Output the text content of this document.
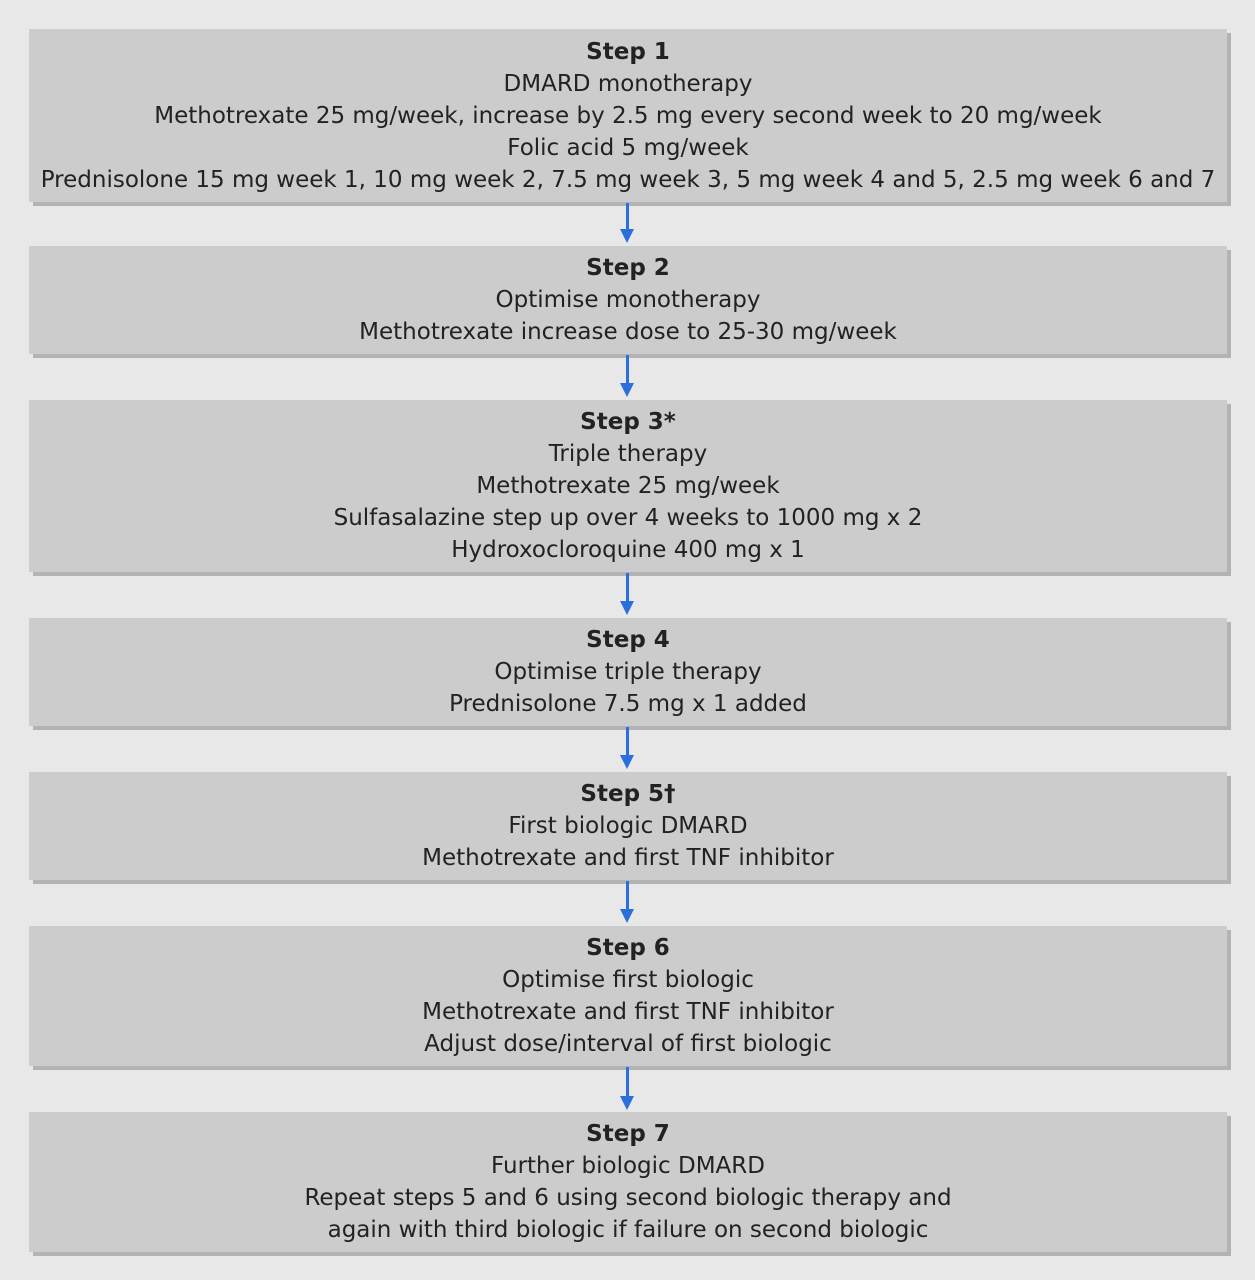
Step 1
DMARD monotherapy
Methotrexate 25 mg/week, increase by 2.5 mg every second week to 20 mg/week
Folic acid 5 mg/week
Prednisolone 15 mg week 1, 10 mg week 2, 7.5 mg week 3, 5 mg week 4 and 5, 2.5 mg week 6 and 7
Step 2
Optimise monotherapy
Methotrexate increase dose to 25-30 mg/week
Step 3*
Triple therapy
Methotrexate 25 mg/week
Sulfasalazine step up over 4 weeks to 1000 mg x 2
Hydroxocloroquine 400 mg x 1
Step 4
Optimise triple therapy
Prednisolone 7.5 mg x 1 added
Step 5†
First biologic DMARD
Methotrexate and first TNF inhibitor
Step 6
Optimise first biologic
Methotrexate and first TNF inhibitor
Adjust dose/interval of first biologic
Step 7
Further biologic DMARD
Repeat steps 5 and 6 using second biologic therapy and
again with third biologic if failure on second biologic
